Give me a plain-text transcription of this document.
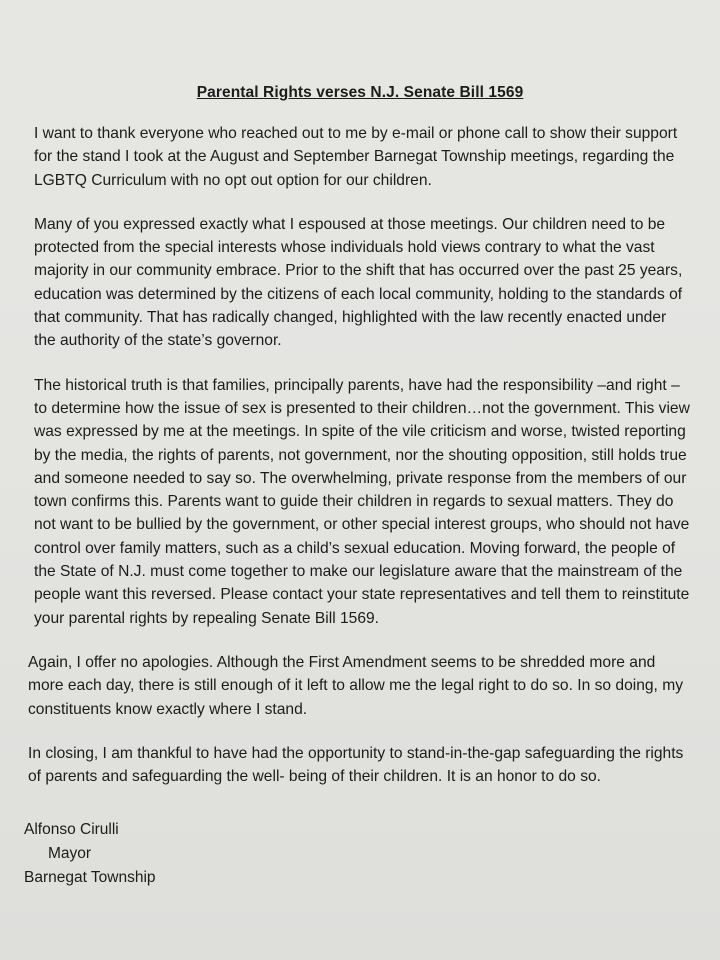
Parental Rights verses N.J. Senate Bill 1569

I want to thank everyone who reached out to me by e-mail or phone call to show their support for the stand I took at the August and September Barnegat Township meetings, regarding the LGBTQ Curriculum with no opt out option for our children.

Many of you expressed exactly what I espoused at those meetings. Our children need to be protected from the special interests whose individuals hold views contrary to what the vast majority in our community embrace. Prior to the shift that has occurred over the past 25 years, education was determined by the citizens of each local community, holding to the standards of that community. That has radically changed, highlighted with the law recently enacted under the authority of the state’s governor.

The historical truth is that families, principally parents, have had the responsibility –and right –to determine how the issue of sex is presented to their children…not the government. This view was expressed by me at the meetings. In spite of the vile criticism and worse, twisted reporting by the media, the rights of parents, not government, nor the shouting opposition, still holds true and someone needed to say so. The overwhelming, private response from the members of our town confirms this. Parents want to guide their children in regards to sexual matters. They do not want to be bullied by the government, or other special interest groups, who should not have control over family matters, such as a child’s sexual education. Moving forward, the people of the State of N.J. must come together to make our legislature aware that the mainstream of the people want this reversed. Please contact your state representatives and tell them to reinstitute your parental rights by repealing Senate Bill 1569.

Again, I offer no apologies. Although the First Amendment seems to be shredded more and more each day, there is still enough of it left to allow me the legal right to do so. In so doing, my constituents know exactly where I stand.

In closing, I am thankful to have had the opportunity to stand-in-the-gap safeguarding the rights of parents and safeguarding the well- being of their children. It is an honor to do so.

Alfonso Cirulli
Mayor
Barnegat Township
